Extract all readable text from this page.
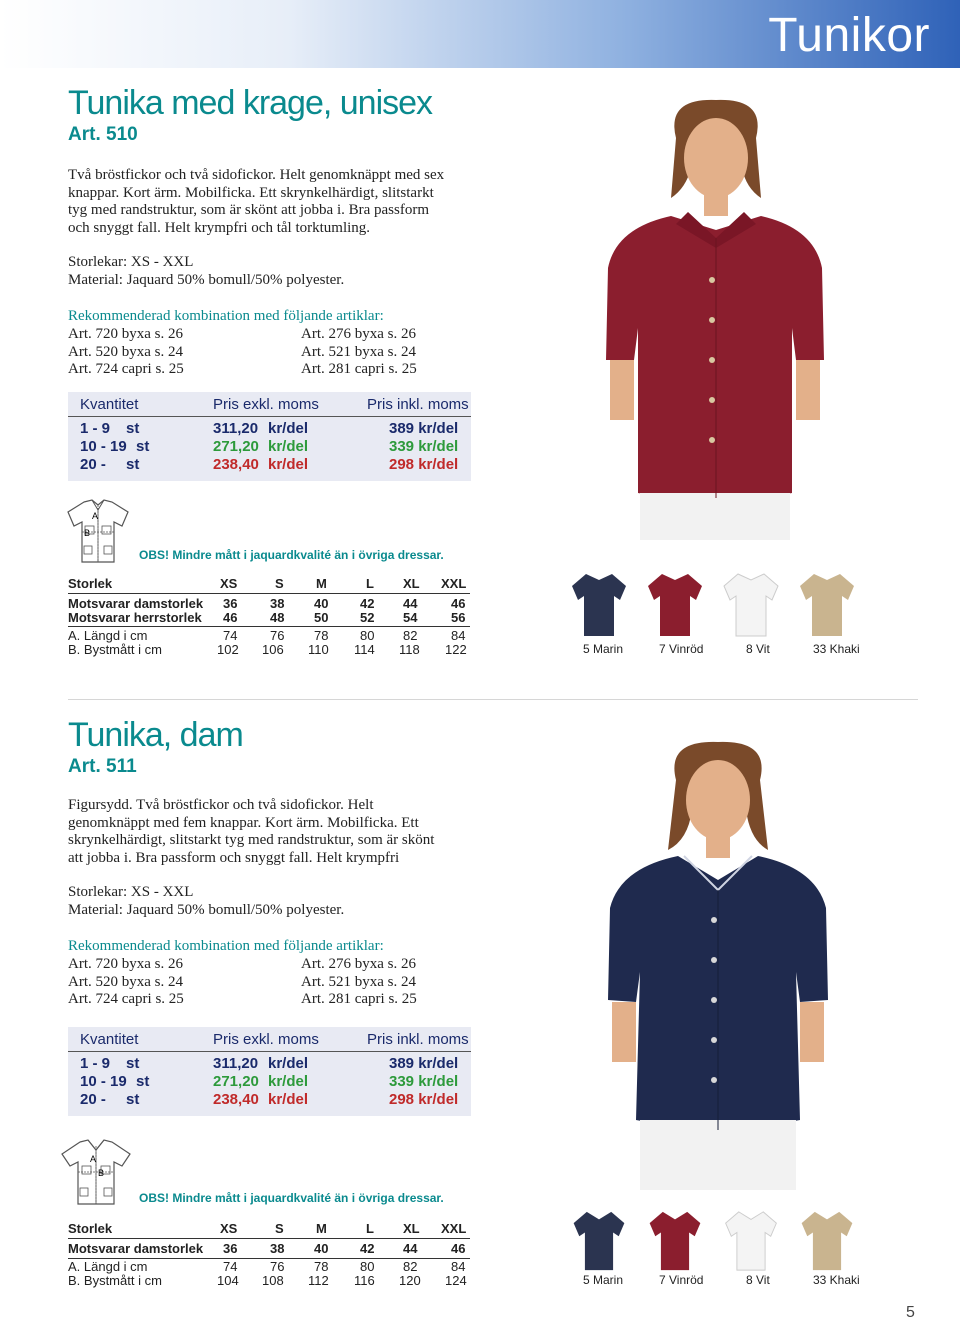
Tunikor
Tunika med krage, unisex
Art. 510
Två bröstfickor och två sidofickor. Helt genomknäppt med sex
knappar. Kort ärm. Mobilficka. Ett skrynkelhärdigt, slitstarkt
tyg med randstruktur, som är skönt att jobba i. Bra passform
och snyggt fall. Helt krympfri och tål torktumling.
Storlekar: XS - XXL
Material: Jaquard 50% bomull/50% polyester.
Rekommenderad kombination med följande artiklar:
Art. 720 byxa s. 26
Art. 520 byxa s. 24
Art. 724 capri s. 25
Art. 276 byxa s. 26
Art. 521 byxa s. 24
Art. 281 capri s. 25
Kvantitet	Pris exkl. moms	Pris inkl. moms
1 - 9 st	311,20 kr/del	389 kr/del
10 - 19 st	271,20 kr/del	339 kr/del
20 - st	238,40 kr/del	298 kr/del
A
B
OBS! Mindre mått i jaquardkvalité än i övriga dressar.
Storlek	XS	S M	L XL XXL
Motsvarar damstorlek 36	38 40 42 44	46
Motsvarar herrstorlek 46	48 50 52 54	56
A. Längd i cm	74	76 78 80 82	84
B. Bystmått i cm	102 106 110 114 118 122	5 Marin	7 Vinröd	8 Vit	33 Khaki
Tunika, dam
Art. 511
Figursydd. Två bröstfickor och två sidofickor. Helt
genomknäppt med fem knappar. Kort ärm. Mobilficka. Ett
skrynkelhärdigt, slitstarkt tyg med randstruktur, som är skönt
att jobba i. Bra passform och snyggt fall. Helt krympfri
Storlekar: XS - XXL
Material: Jaquard 50% bomull/50% polyester.
Rekommenderad kombination med följande artiklar:
Art. 720 byxa s. 26
Art. 520 byxa s. 24
Art. 724 capri s. 25
Art. 276 byxa s. 26
Art. 521 byxa s. 24
Art. 281 capri s. 25
Kvantitet	Pris exkl. moms	Pris inkl. moms
1 - 9 st	311,20 kr/del	389 kr/del
10 - 19 st	271,20 kr/del	339 kr/del
20 - st	238,40 kr/del	298 kr/del
A
B
OBS! Mindre mått i jaquardkvalité än i övriga dressar.
Storlek	XS	S M	L XL XXL
Motsvarar damstorlek 36	38 40 42 44	46
A. Längd i cm	74	76 78 80 82	84
B. Bystmått i cm	104 108 112 116 120 124	5 Marin	7 Vinröd	8 Vit	33 Khaki
5
